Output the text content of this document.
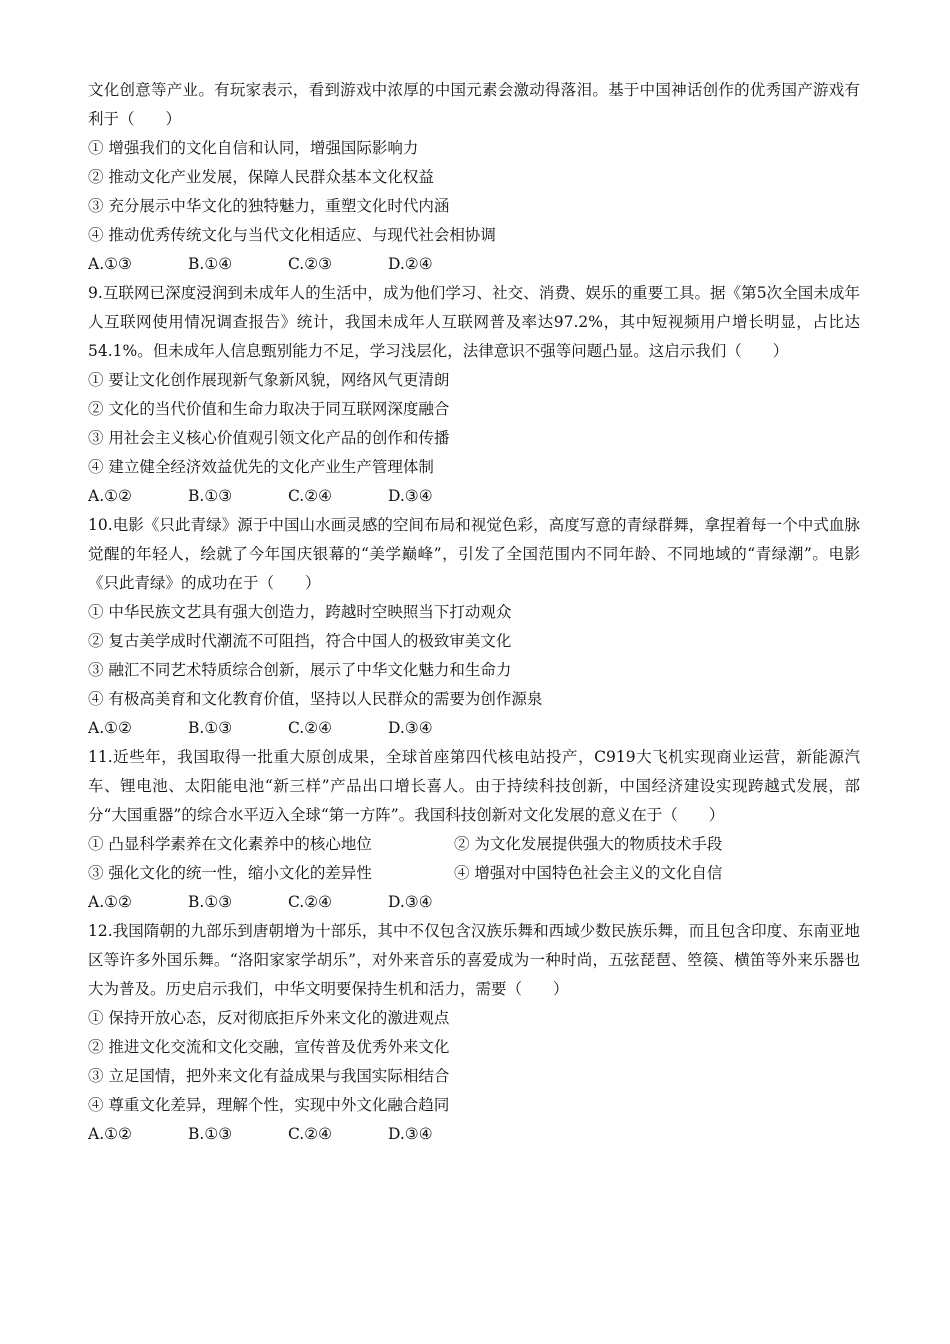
文化创意等产业。有玩家表示，看到游戏中浓厚的中国元素会激动得落泪。基于中国神话创作的优秀国产游戏有利于（　　）
① 增强我们的文化自信和认同，增强国际影响力
② 推动文化产业发展，保障人民群众基本文化权益
③ 充分展示中华文化的独特魅力，重塑文化时代内涵
④ 推动优秀传统文化与当代文化相适应、与现代社会相协调
A.①③	B.①④	C.②③	D.②④
9.互联网已深度浸润到未成年人的生活中，成为他们学习、社交、消费、娱乐的重要工具。据《第5次全国未成年人互联网使用情况调查报告》统计，我国未成年人互联网普及率达97.2%，其中短视频用户增长明显，占比达54.1%。但未成年人信息甄别能力不足，学习浅层化，法律意识不强等问题凸显。这启示我们（　　）
① 要让文化创作展现新气象新风貌，网络风气更清朗
② 文化的当代价值和生命力取决于同互联网深度融合
③ 用社会主义核心价值观引领文化产品的创作和传播
④ 建立健全经济效益优先的文化产业生产管理体制
A.①②	B.①③	C.②④	D.③④
10.电影《只此青绿》源于中国山水画灵感的空间布局和视觉色彩，高度写意的青绿群舞，拿捏着每一个中式血脉觉醒的年轻人，绘就了今年国庆银幕的“美学巅峰”，引发了全国范围内不同年龄、不同地域的“青绿潮”。电影《只此青绿》的成功在于（　　）
① 中华民族文艺具有强大创造力，跨越时空映照当下打动观众
② 复古美学成时代潮流不可阻挡，符合中国人的极致审美文化
③ 融汇不同艺术特质综合创新，展示了中华文化魅力和生命力
④ 有极高美育和文化教育价值，坚持以人民群众的需要为创作源泉
A.①②	B.①③	C.②④	D.③④
11.近些年，我国取得一批重大原创成果，全球首座第四代核电站投产，C919大飞机实现商业运营，新能源汽车、锂电池、太阳能电池“新三样”产品出口增长喜人。由于持续科技创新，中国经济建设实现跨越式发展，部分“大国重器”的综合水平迈入全球“第一方阵”。我国科技创新对文化发展的意义在于（　　）
① 凸显科学素养在文化素养中的核心地位	② 为文化发展提供强大的物质技术手段
③ 强化文化的统一性，缩小文化的差异性	④ 增强对中国特色社会主义的文化自信
A.①②	B.①③	C.②④	D.③④
12.我国隋朝的九部乐到唐朝增为十部乐，其中不仅包含汉族乐舞和西域少数民族乐舞，而且包含印度、东南亚地区等许多外国乐舞。“洛阳家家学胡乐”，对外来音乐的喜爱成为一种时尚，五弦琵琶、箜篌、横笛等外来乐器也大为普及。历史启示我们，中华文明要保持生机和活力，需要（　　）
① 保持开放心态，反对彻底拒斥外来文化的激进观点
② 推进文化交流和文化交融，宣传普及优秀外来文化
③ 立足国情，把外来文化有益成果与我国实际相结合
④ 尊重文化差异，理解个性，实现中外文化融合趋同
A.①②	B.①③	C.②④	D.③④
